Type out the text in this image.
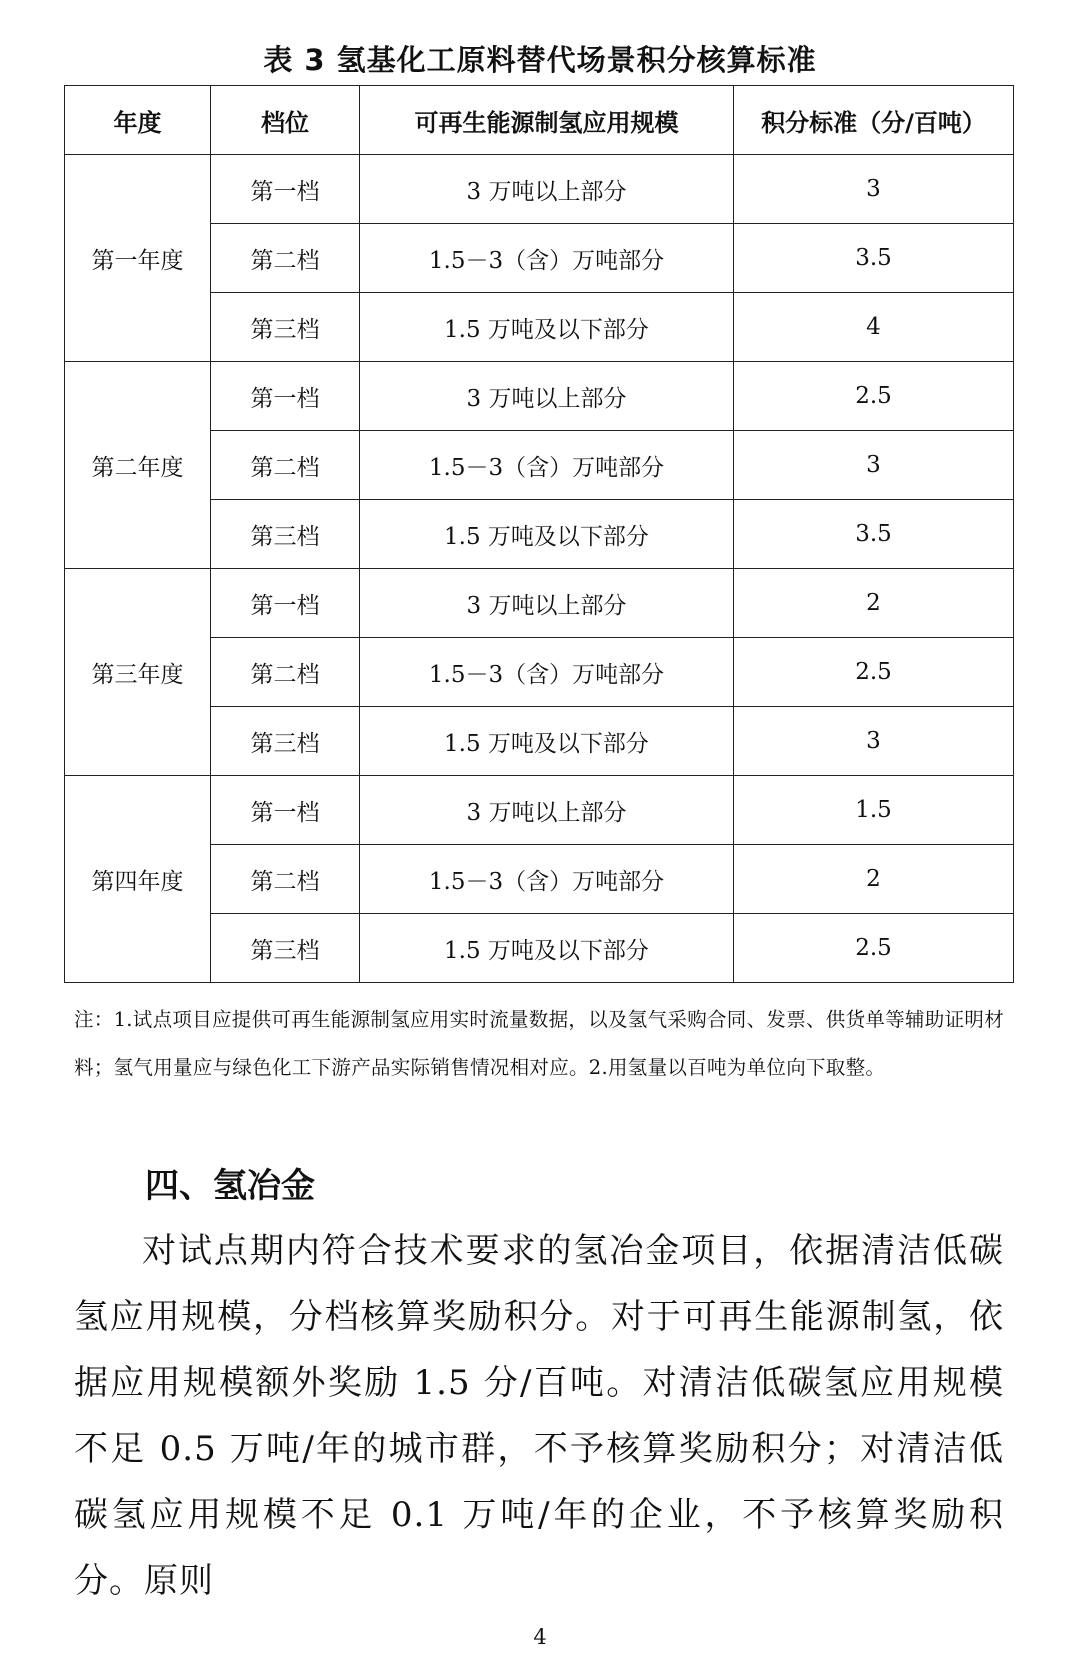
表 3 氢基化工原料替代场景积分核算标准
年度	档位	可再生能源制氢应用规模	积分标准（分/百吨）
第一年度	第一档	3 万吨以上部分	3
	第二档	1.5－3（含）万吨部分	3.5
	第三档	1.5 万吨及以下部分	4
第二年度	第一档	3 万吨以上部分	2.5
	第二档	1.5－3（含）万吨部分	3
	第三档	1.5 万吨及以下部分	3.5
第三年度	第一档	3 万吨以上部分	2
	第二档	1.5－3（含）万吨部分	2.5
	第三档	1.5 万吨及以下部分	3
第四年度	第一档	3 万吨以上部分	1.5
	第二档	1.5－3（含）万吨部分	2
	第三档	1.5 万吨及以下部分	2.5
注：1.试点项目应提供可再生能源制氢应用实时流量数据，以及氢气采购合同、发票、供货单等辅助证明材料；氢气用量应与绿色化工下游产品实际销售情况相对应。2.用氢量以百吨为单位向下取整。
四、氢冶金
对试点期内符合技术要求的氢冶金项目，依据清洁低碳氢应用规模，分档核算奖励积分。对于可再生能源制氢，依据应用规模额外奖励 1.5 分/百吨。对清洁低碳氢应用规模不足 0.5 万吨/年的城市群，不予核算奖励积分；对清洁低碳氢应用规模不足 0.1 万吨/年的企业，不予核算奖励积分。原则
4
